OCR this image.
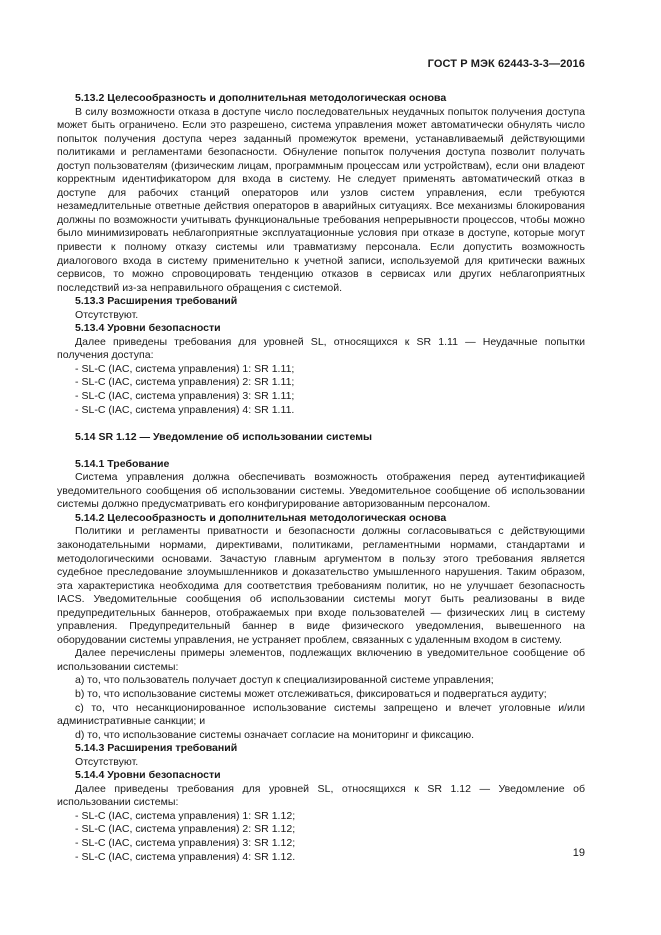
ГОСТ Р МЭК 62443-3-3—2016

5.13.2 Целесообразность и дополнительная методологическая основа

В силу возможности отказа в доступе число последовательных неудачных попыток получения доступа может быть ограничено. Если это разрешено, система управления может автоматически обнулять число попыток получения доступа через заданный промежуток времени, устанавливаемый действующими политиками и регламентами безопасности. Обнуление попыток получения доступа позволит получать доступ пользователям (физическим лицам, программным процессам или устройствам), если они владеют корректным идентификатором для входа в систему. Не следует применять автоматический отказ в доступе для рабочих станций операторов или узлов систем управления, если требуются незамедлительные ответные действия операторов в аварийных ситуациях. Все механизмы блокирования должны по возможности учитывать функциональные требования непрерывности процессов, чтобы можно было минимизировать неблагоприятные эксплуатационные условия при отказе в доступе, которые могут привести к полному отказу системы или травматизму персонала. Если допустить возможность диалогового входа в систему применительно к учетной записи, используемой для критически важных сервисов, то можно спровоцировать тенденцию отказов в сервисах или других неблагоприятных последствий из-за неправильного обращения с системой.

5.13.3 Расширения требований

Отсутствуют.

5.13.4 Уровни безопасности

Далее приведены требования для уровней SL, относящихся к SR 1.11 — Неудачные попытки получения доступа:

- SL-C (IAC, система управления) 1: SR 1.11;

- SL-C (IAC, система управления) 2: SR 1.11;

- SL-C (IAC, система управления) 3: SR 1.11;

- SL-C (IAC, система управления) 4: SR 1.11.

5.14 SR 1.12 — Уведомление об использовании системы

5.14.1 Требование

Система управления должна обеспечивать возможность отображения перед аутентификацией уведомительного сообщения об использовании системы. Уведомительное сообщение об использовании системы должно предусматривать его конфигурирование авторизованным персоналом.

5.14.2 Целесообразность и дополнительная методологическая основа

Политики и регламенты приватности и безопасности должны согласовываться с действующими законодательными нормами, директивами, политиками, регламентными нормами, стандартами и методологическими основами. Зачастую главным аргументом в пользу этого требования является судебное преследование злоумышленников и доказательство умышленного нарушения. Таким образом, эта характеристика необходима для соответствия требованиям политик, но не улучшает безопасность IACS. Уведомительные сообщения об использовании системы могут быть реализованы в виде предупредительных баннеров, отображаемых при входе пользователей — физических лиц в систему управления. Предупредительный баннер в виде физического уведомления, вывешенного на оборудовании системы управления, не устраняет проблем, связанных с удаленным входом в систему.

Далее перечислены примеры элементов, подлежащих включению в уведомительное сообщение об использовании системы:

a) то, что пользователь получает доступ к специализированной системе управления;

b) то, что использование системы может отслеживаться, фиксироваться и подвергаться аудиту;

c) то, что несанкционированное использование системы запрещено и влечет уголовные и/или административные санкции; и

d) то, что использование системы означает согласие на мониторинг и фиксацию.

5.14.3 Расширения требований

Отсутствуют.

5.14.4 Уровни безопасности

Далее приведены требования для уровней SL, относящихся к SR 1.12 — Уведомление об использовании системы:

- SL-C (IAC, система управления) 1: SR 1.12;

- SL-C (IAC, система управления) 2: SR 1.12;

- SL-C (IAC, система управления) 3: SR 1.12;

- SL-C (IAC, система управления) 4: SR 1.12.	19
